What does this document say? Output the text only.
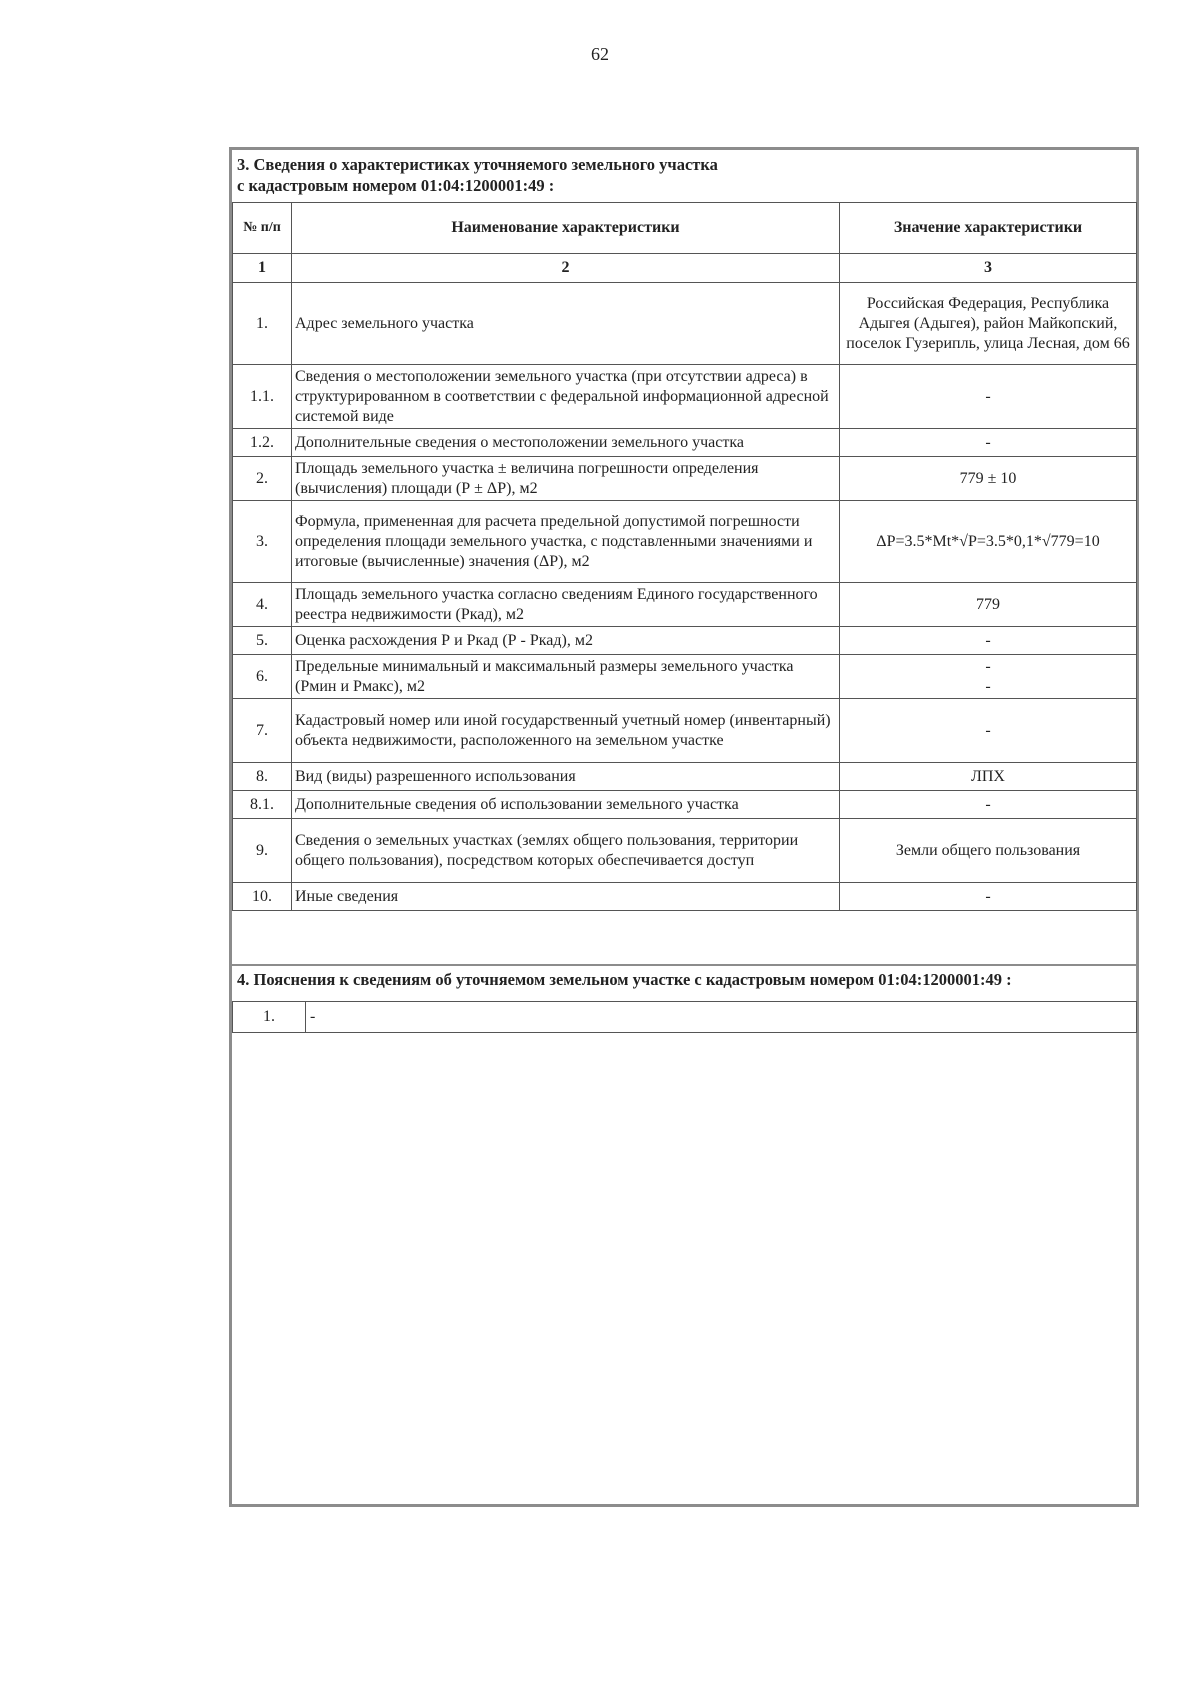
62
3. Сведения о характеристиках уточняемого земельного участка
с кадастровым номером 01:04:1200001:49 :
№ п/п	Наименование характеристики	Значение характеристики
1	2	3
1.	Адрес земельного участка	Российская Федерация, Республика Адыгея (Адыгея), район Майкопский, поселок Гузерипль, улица Лесная, дом 66
1.1.	Сведения о местоположении земельного участка (при отсутствии адреса) в структурированном в соответствии с федеральной информационной адресной системой виде	-
1.2.	Дополнительные сведения о местоположении земельного участка	-
2.	Площадь земельного участка ± величина погрешности определения (вычисления) площади (Р ± ΔР), м2	779 ± 10
3.	Формула, примененная для расчета предельной допустимой погрешности определения площади земельного участка, с подставленными значениями и итоговые (вычисленные) значения (ΔР), м2	ΔР=3.5*Mt*√P=3.5*0,1*√779=10
4.	Площадь земельного участка согласно сведениям Единого государственного реестра недвижимости (Ркад), м2	779
5.	Оценка расхождения Р и Ркад (Р - Ркад), м2	-
6.	Предельные минимальный и максимальный размеры земельного участка (Рмин и Рмакс), м2	-
-
7.	Кадастровый номер или иной государственный учетный номер (инвентарный) объекта недвижимости, расположенного на земельном участке	-
8.	Вид (виды) разрешенного использования	ЛПХ
8.1.	Дополнительные сведения об использовании земельного участка	-
9.	Сведения о земельных участках (землях общего пользования, территории общего пользования), посредством которых обеспечивается доступ	Земли общего пользования
10.	Иные сведения	-
4. Пояснения к сведениям об уточняемом земельном участке с кадастровым номером 01:04:1200001:49 :
1.	-
